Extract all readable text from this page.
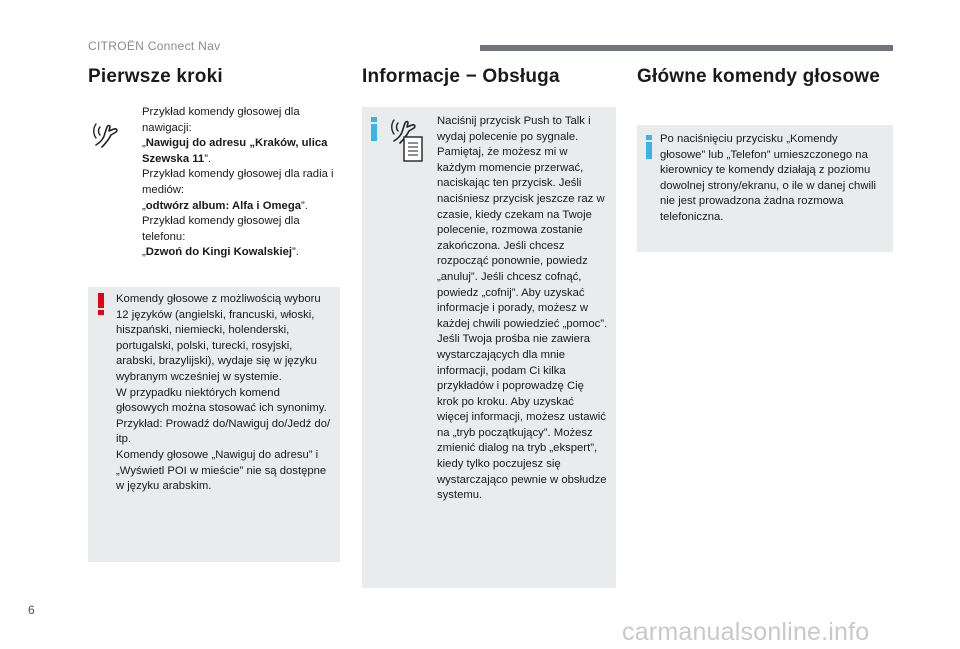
CITROËN Connect Nav
Pierwsze kroki	Informacje − Obsługa	Główne komendy głosowe
Przykład komendy głosowej dla nawigacji:
„Nawiguj do adresu „Kraków, ulica Szewska 11”.
Przykład komendy głosowej dla radia i mediów:
„odtwórz album: Alfa i Omega”.
Przykład komendy głosowej dla telefonu:
„Dzwoń do Kingi Kowalskiej”.
Komendy głosowe z możliwością wyboru 12 języków (angielski, francuski, włoski, hiszpański, niemiecki, holenderski, portugalski, polski, turecki, rosyjski, arabski, brazylijski), wydaje się w języku wybranym wcześniej w systemie.
W przypadku niektórych komend głosowych można stosować ich synonimy.
Przykład: Prowadź do/Nawiguj do/Jedź do/ itp.
Komendy głosowe „Nawiguj do adresu” i „Wyświetl POI w mieście” nie są dostępne w języku arabskim.
Naciśnij przycisk Push to Talk i wydaj polecenie po sygnale. Pamiętaj, że możesz mi w każdym momencie przerwać, naciskając ten przycisk. Jeśli naciśniesz przycisk jeszcze raz w czasie, kiedy czekam na Twoje polecenie, rozmowa zostanie zakończona. Jeśli chcesz rozpocząć ponownie, powiedz „anuluj”. Jeśli chcesz cofnąć, powiedz „cofnij”. Aby uzyskać informacje i porady, możesz w każdej chwili powiedzieć „pomoc”. Jeśli Twoja prośba nie zawiera wystarczających dla mnie informacji, podam Ci kilka przykładów i poprowadzę Cię krok po kroku. Aby uzyskać więcej informacji, możesz ustawić na „tryb początkujący”. Możesz zmienić dialog na tryb „ekspert”, kiedy tylko poczujesz się wystarczająco pewnie w obsłudze systemu.
Po naciśnięciu przycisku „Komendy głosowe” lub „Telefon” umieszczonego na kierownicy te komendy działają z poziomu dowolnej strony/ekranu, o ile w danej chwili nie jest prowadzona żadna rozmowa telefoniczna.
6
carmanualsonline.info
